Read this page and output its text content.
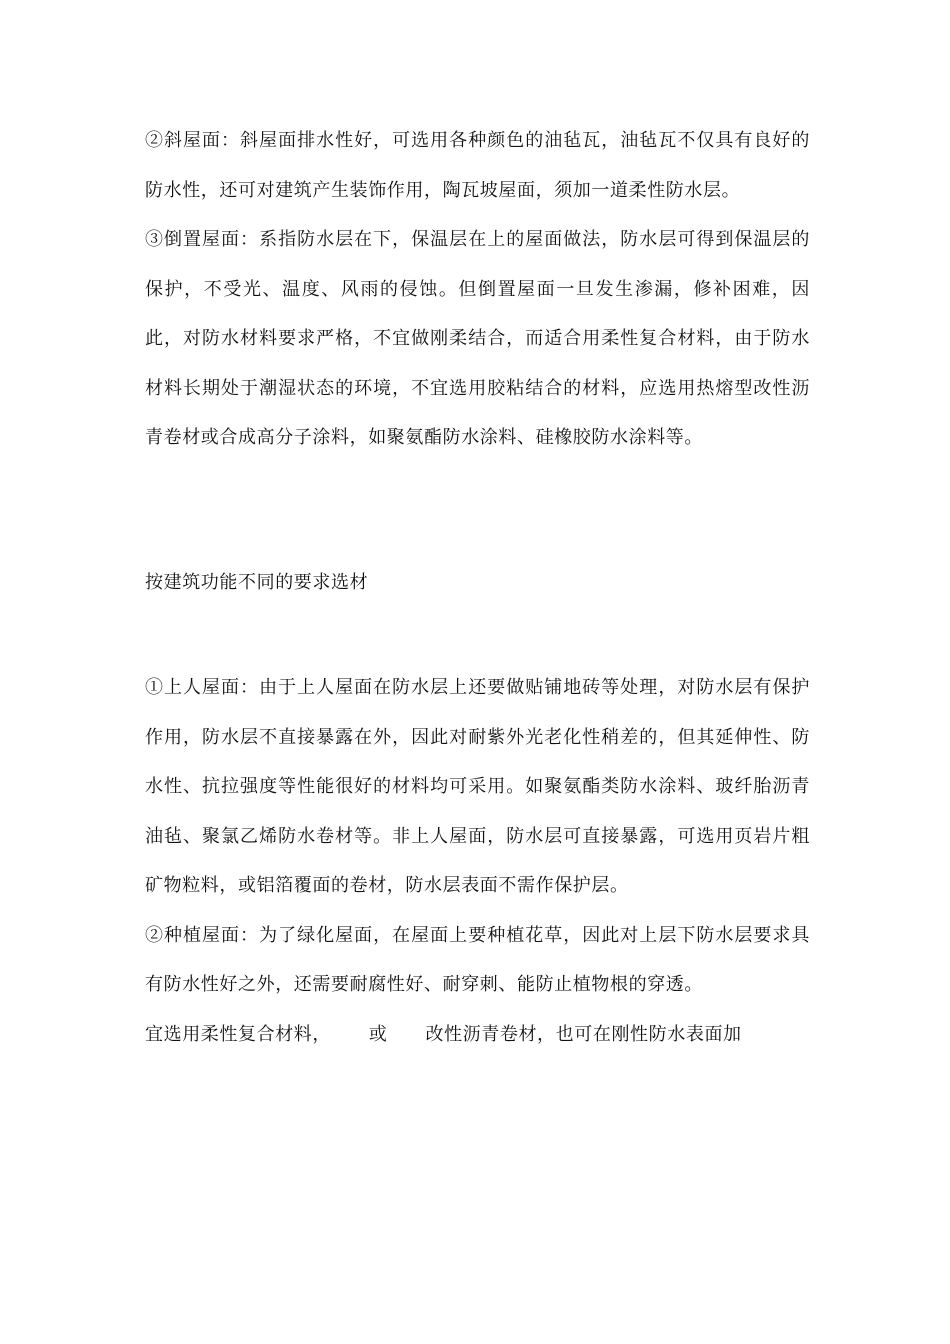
②斜屋面：斜屋面排水性好，可选用各种颜色的油毡瓦，油毡瓦不仅具有良好的防水性，还可对建筑产生装饰作用，陶瓦坡屋面，须加一道柔性防水层。

③倒置屋面：系指防水层在下，保温层在上的屋面做法，防水层可得到保温层的保护，不受光、温度、风雨的侵蚀。但倒置屋面一旦发生渗漏，修补困难，因此，对防水材料要求严格，不宜做刚柔结合，而适合用柔性复合材料，由于防水材料长期处于潮湿状态的环境，不宜选用胶粘结合的材料，应选用热熔型改性沥青卷材或合成高分子涂料，如聚氨酯防水涂料、硅橡胶防水涂料等。

按建筑功能不同的要求选材

①上人屋面：由于上人屋面在防水层上还要做贴铺地砖等处理，对防水层有保护作用，防水层不直接暴露在外，因此对耐紫外光老化性稍差的，但其延伸性、防水性、抗拉强度等性能很好的材料均可采用。如聚氨酯类防水涂料、玻纤胎沥青油毡、聚氯乙烯防水卷材等。非上人屋面，防水层可直接暴露，可选用页岩片粗矿物粒料，或铝箔覆面的卷材，防水层表面不需作保护层。

②种植屋面：为了绿化屋面，在屋面上要种植花草，因此对上层下防水层要求具有防水性好之外，还需要耐腐性好、耐穿刺、能防止植物根的穿透。

宜选用柔性复合材料，      或      改性沥青卷材，也可在刚性防水表面加
